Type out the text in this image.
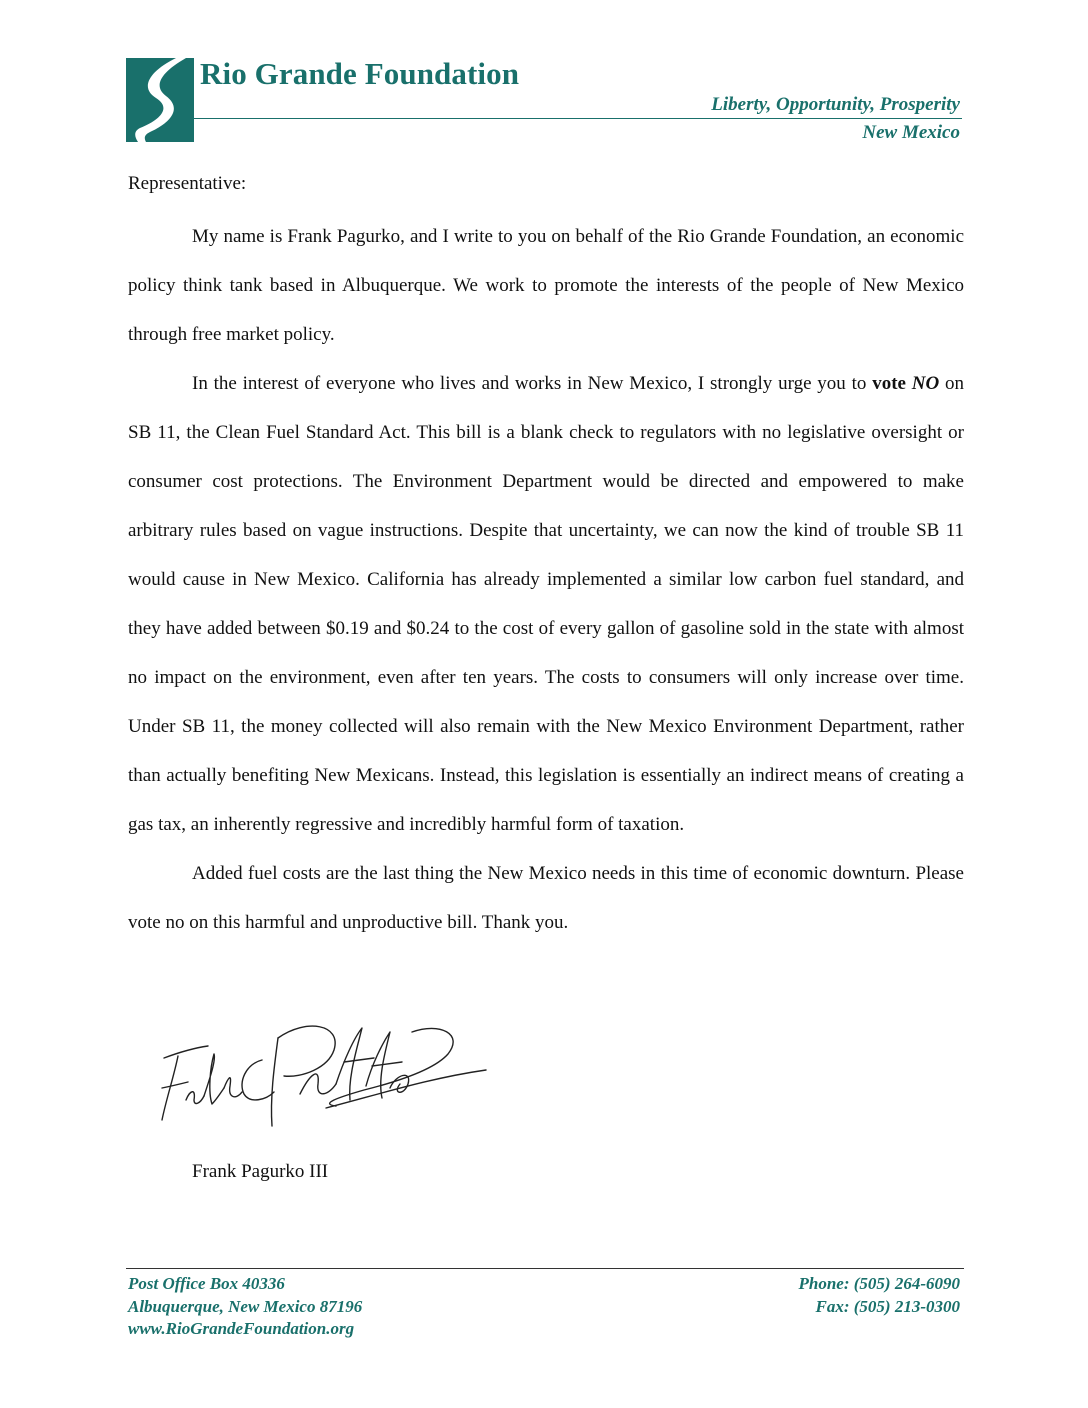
Rio Grande Foundation
Liberty, Opportunity, Prosperity
New Mexico

Representative:

My name is Frank Pagurko, and I write to you on behalf of the Rio Grande Foundation, an economic policy think tank based in Albuquerque. We work to promote the interests of the people of New Mexico through free market policy.

In the interest of everyone who lives and works in New Mexico, I strongly urge you to vote NO on SB 11, the Clean Fuel Standard Act. This bill is a blank check to regulators with no legislative oversight or consumer cost protections. The Environment Department would be directed and empowered to make arbitrary rules based on vague instructions. Despite that uncertainty, we can now the kind of trouble SB 11 would cause in New Mexico. California has already implemented a similar low carbon fuel standard, and they have added between $0.19 and $0.24 to the cost of every gallon of gasoline sold in the state with almost no impact on the environment, even after ten years. The costs to consumers will only increase over time. Under SB 11, the money collected will also remain with the New Mexico Environment Department, rather than actually benefiting New Mexicans. Instead, this legislation is essentially an indirect means of creating a gas tax, an inherently regressive and incredibly harmful form of taxation.

Added fuel costs are the last thing the New Mexico needs in this time of economic downturn. Please vote no on this harmful and unproductive bill. Thank you.

Frank Pagurko III
Post Office Box 40336
Albuquerque, New Mexico 87196
www.RioGrandeFoundation.org
Phone: (505) 264-6090
Fax: (505) 213-0300
